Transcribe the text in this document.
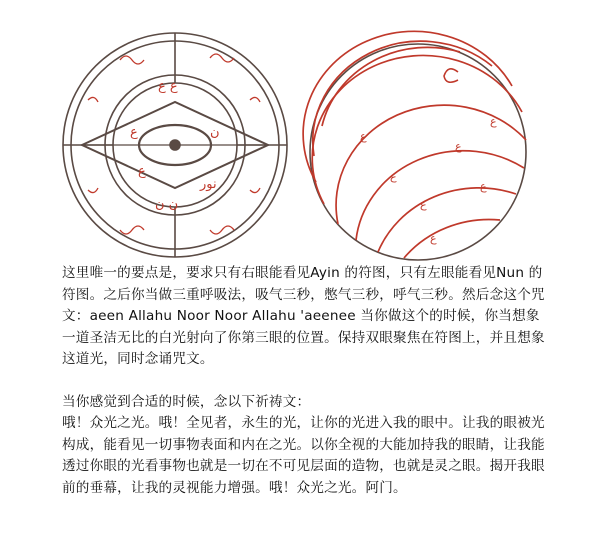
ع	ن
ع ع
نور
ع
ن ن
ع
ع
ع
ع
ع
ع
ع

这里唯一的要点是，要求只有右眼能看见Ayin 的符图，只有左眼能看见Nun 的符图。之后你当做三重呼吸法，吸气三秒，憋气三秒，呼气三秒。然后念这个咒文：aeen Allahu Noor Noor Allahu 'aeenee 当你做这个的时候，你当想象一道圣洁无比的白光射向了你第三眼的位置。保持双眼聚焦在符图上，并且想象这道光，同时念诵咒文。

当你感觉到合适的时候，念以下祈祷文：

哦！众光之光。哦！全见者，永生的光，让你的光进入我的眼中。让我的眼被光构成，能看见一切事物表面和内在之光。以你全视的大能加持我的眼睛，让我能透过你眼的光看事物也就是一切在不可见层面的造物，也就是灵之眼。揭开我眼前的垂幕，让我的灵视能力增强。哦！众光之光。阿门。
